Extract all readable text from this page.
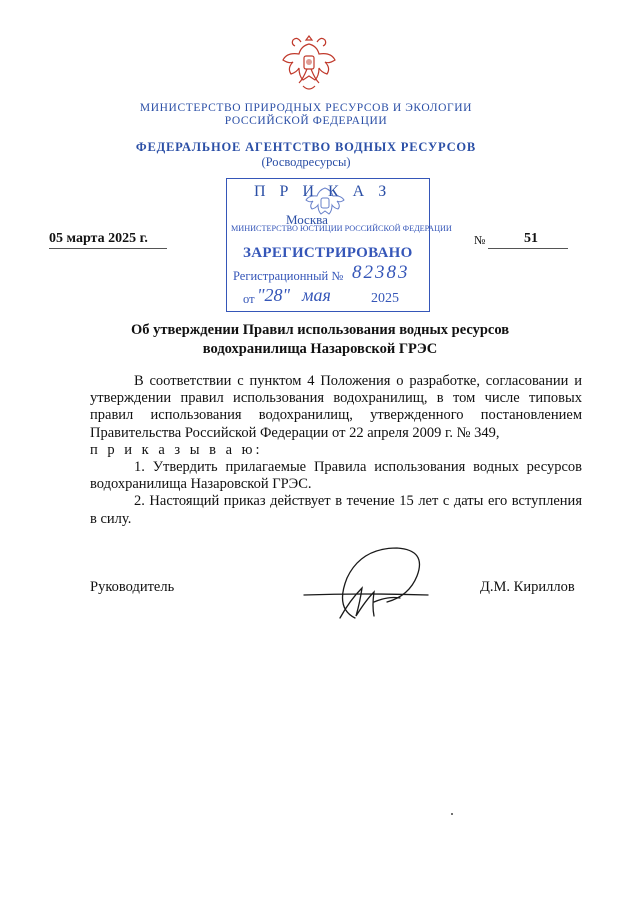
МИНИСТЕРСТВО ПРИРОДНЫХ РЕСУРСОВ И ЭКОЛОГИИ
РОССИЙСКОЙ ФЕДЕРАЦИИ
ФЕДЕРАЛЬНОЕ АГЕНТСТВО ВОДНЫХ РЕСУРСОВ
(Росводресурсы)
П Р И К А З
Москва
МИНИСТЕРСТВО ЮСТИЦИИ РОССИЙСКОЙ ФЕДЕРАЦИИ
ЗАРЕГИСТРИРОВАНО
Регистрационный № 82383
от "28" мая	2025
05 марта 2025 г.	№	51
Об утверждении Правил использования водных ресурсов
водохранилища Назаровской ГРЭС

В соответствии с пунктом 4 Положения о разработке, согласовании и утверждении правил использования водохранилищ, в том числе типовых правил использования водохранилищ, утвержденного постановлением Правительства Российской Федерации от 22 апреля 2009 г. № 349,

п р и к а з ы в а ю:

1. Утвердить прилагаемые Правила использования водных ресурсов водохранилища Назаровской ГРЭС.

2. Настоящий приказ действует в течение 15 лет с даты его вступления в силу.

Руководитель	Д.М. Кириллов
